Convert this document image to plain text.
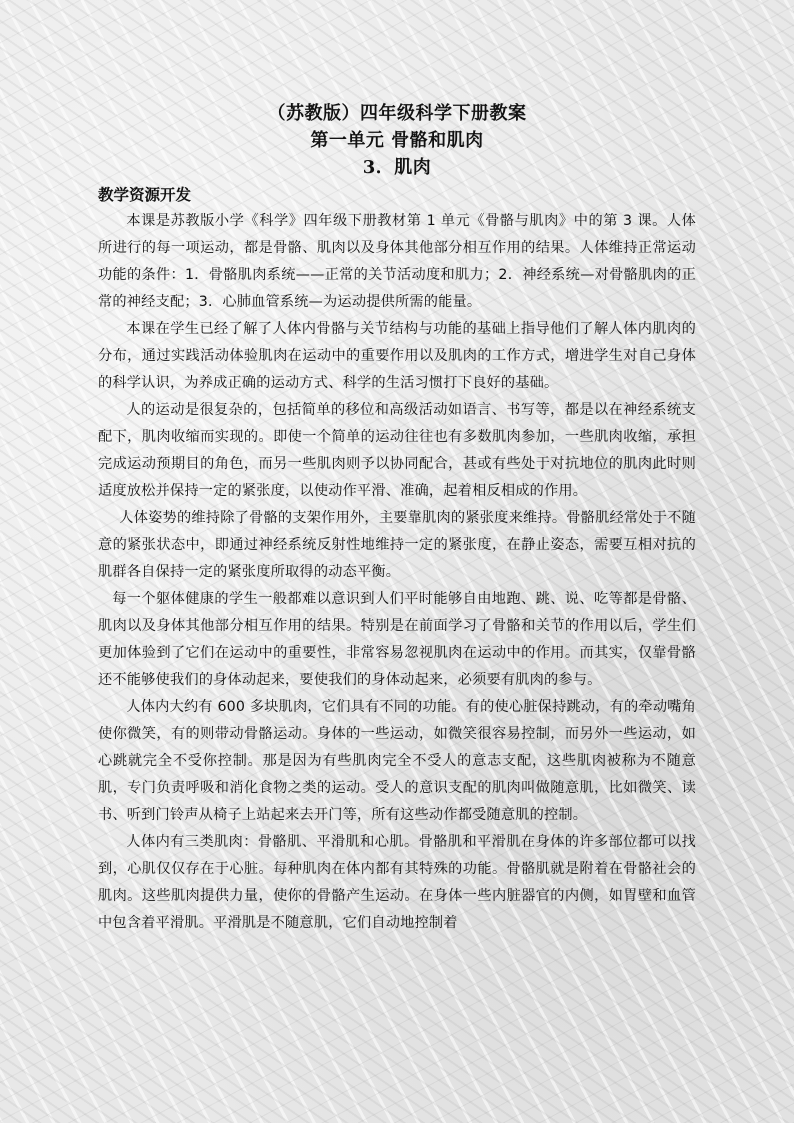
（苏教版）四年级科学下册教案
第一单元 骨骼和肌肉
3．肌肉
教学资源开发

本课是苏教版小学《科学》四年级下册教材第 1 单元《骨骼与肌肉》中的第 3 课。人体所进行的每一项运动，都是骨骼、肌肉以及身体其他部分相互作用的结果。人体维持正常运动功能的条件：1．骨骼肌肉系统——正常的关节活动度和肌力；2．神经系统—对骨骼肌肉的正常的神经支配；3．心肺血管系统—为运动提供所需的能量。

本课在学生已经了解了人体内骨骼与关节结构与功能的基础上指导他们了解人体内肌肉的分布，通过实践活动体验肌肉在运动中的重要作用以及肌肉的工作方式，增进学生对自己身体的科学认识，为养成正确的运动方式、科学的生活习惯打下良好的基础。

人的运动是很复杂的，包括简单的移位和高级活动如语言、书写等，都是以在神经系统支配下，肌肉收缩而实现的。即使一个简单的运动往往也有多数肌肉参加，一些肌肉收缩，承担完成运动预期目的角色，而另一些肌肉则予以协同配合，甚或有些处于对抗地位的肌肉此时则适度放松并保持一定的紧张度，以使动作平滑、准确，起着相反相成的作用。

人体姿势的维持除了骨骼的支架作用外，主要靠肌肉的紧张度来维持。骨骼肌经常处于不随意的紧张状态中，即通过神经系统反射性地维持一定的紧张度，在静止姿态，需要互相对抗的肌群各自保持一定的紧张度所取得的动态平衡。

每一个躯体健康的学生一般都难以意识到人们平时能够自由地跑、跳、说、吃等都是骨骼、肌肉以及身体其他部分相互作用的结果。特别是在前面学习了骨骼和关节的作用以后，学生们更加体验到了它们在运动中的重要性，非常容易忽视肌肉在运动中的作用。而其实，仅靠骨骼还不能够使我们的身体动起来，要使我们的身体动起来，必须要有肌肉的参与。

人体内大约有 600 多块肌肉，它们具有不同的功能。有的使心脏保持跳动，有的牵动嘴角使你微笑，有的则带动骨骼运动。身体的一些运动，如微笑很容易控制，而另外一些运动，如心跳就完全不受你控制。那是因为有些肌肉完全不受人的意志支配，这些肌肉被称为不随意肌，专门负责呼吸和消化食物之类的运动。受人的意识支配的肌肉叫做随意肌，比如微笑、读书、听到门铃声从椅子上站起来去开门等，所有这些动作都受随意肌的控制。

人体内有三类肌肉：骨骼肌、平滑肌和心肌。骨骼肌和平滑肌在身体的许多部位都可以找到，心肌仅仅存在于心脏。每种肌肉在体内都有其特殊的功能。骨骼肌就是附着在骨骼社会的肌肉。这些肌肉提供力量，使你的骨骼产生运动。在身体一些内脏器官的内侧，如胃壁和血管中包含着平滑肌。平滑肌是不随意肌，它们自动地控制着
